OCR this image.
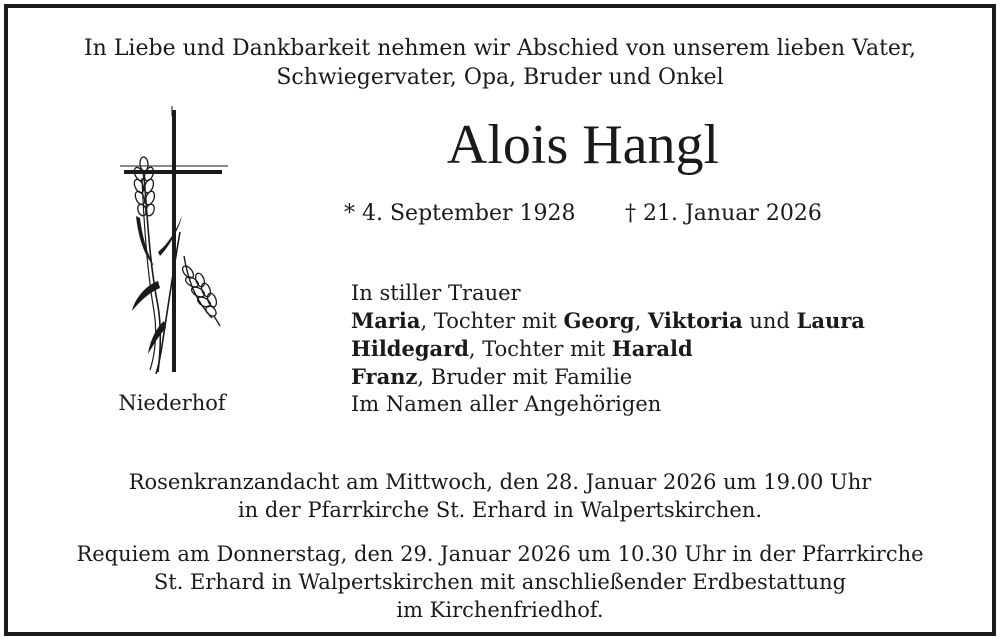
In Liebe und Dankbarkeit nehmen wir Abschied von unserem lieben Vater,
Schwiegervater, Opa, Bruder und Onkel
Alois Hangl
* 4. September 1928 † 21. Januar 2026
Niederhof
In stiller Trauer
Maria, Tochter mit Georg, Viktoria und Laura
Hildegard, Tochter mit Harald
Franz, Bruder mit Familie
Im Namen aller Angehörigen
Rosenkranzandacht am Mittwoch, den 28. Januar 2026 um 19.00 Uhr
in der Pfarrkirche St. Erhard in Walpertskirchen.
Requiem am Donnerstag, den 29. Januar 2026 um 10.30 Uhr in der Pfarrkirche
St. Erhard in Walpertskirchen mit anschließender Erdbestattung
im Kirchenfriedhof.
